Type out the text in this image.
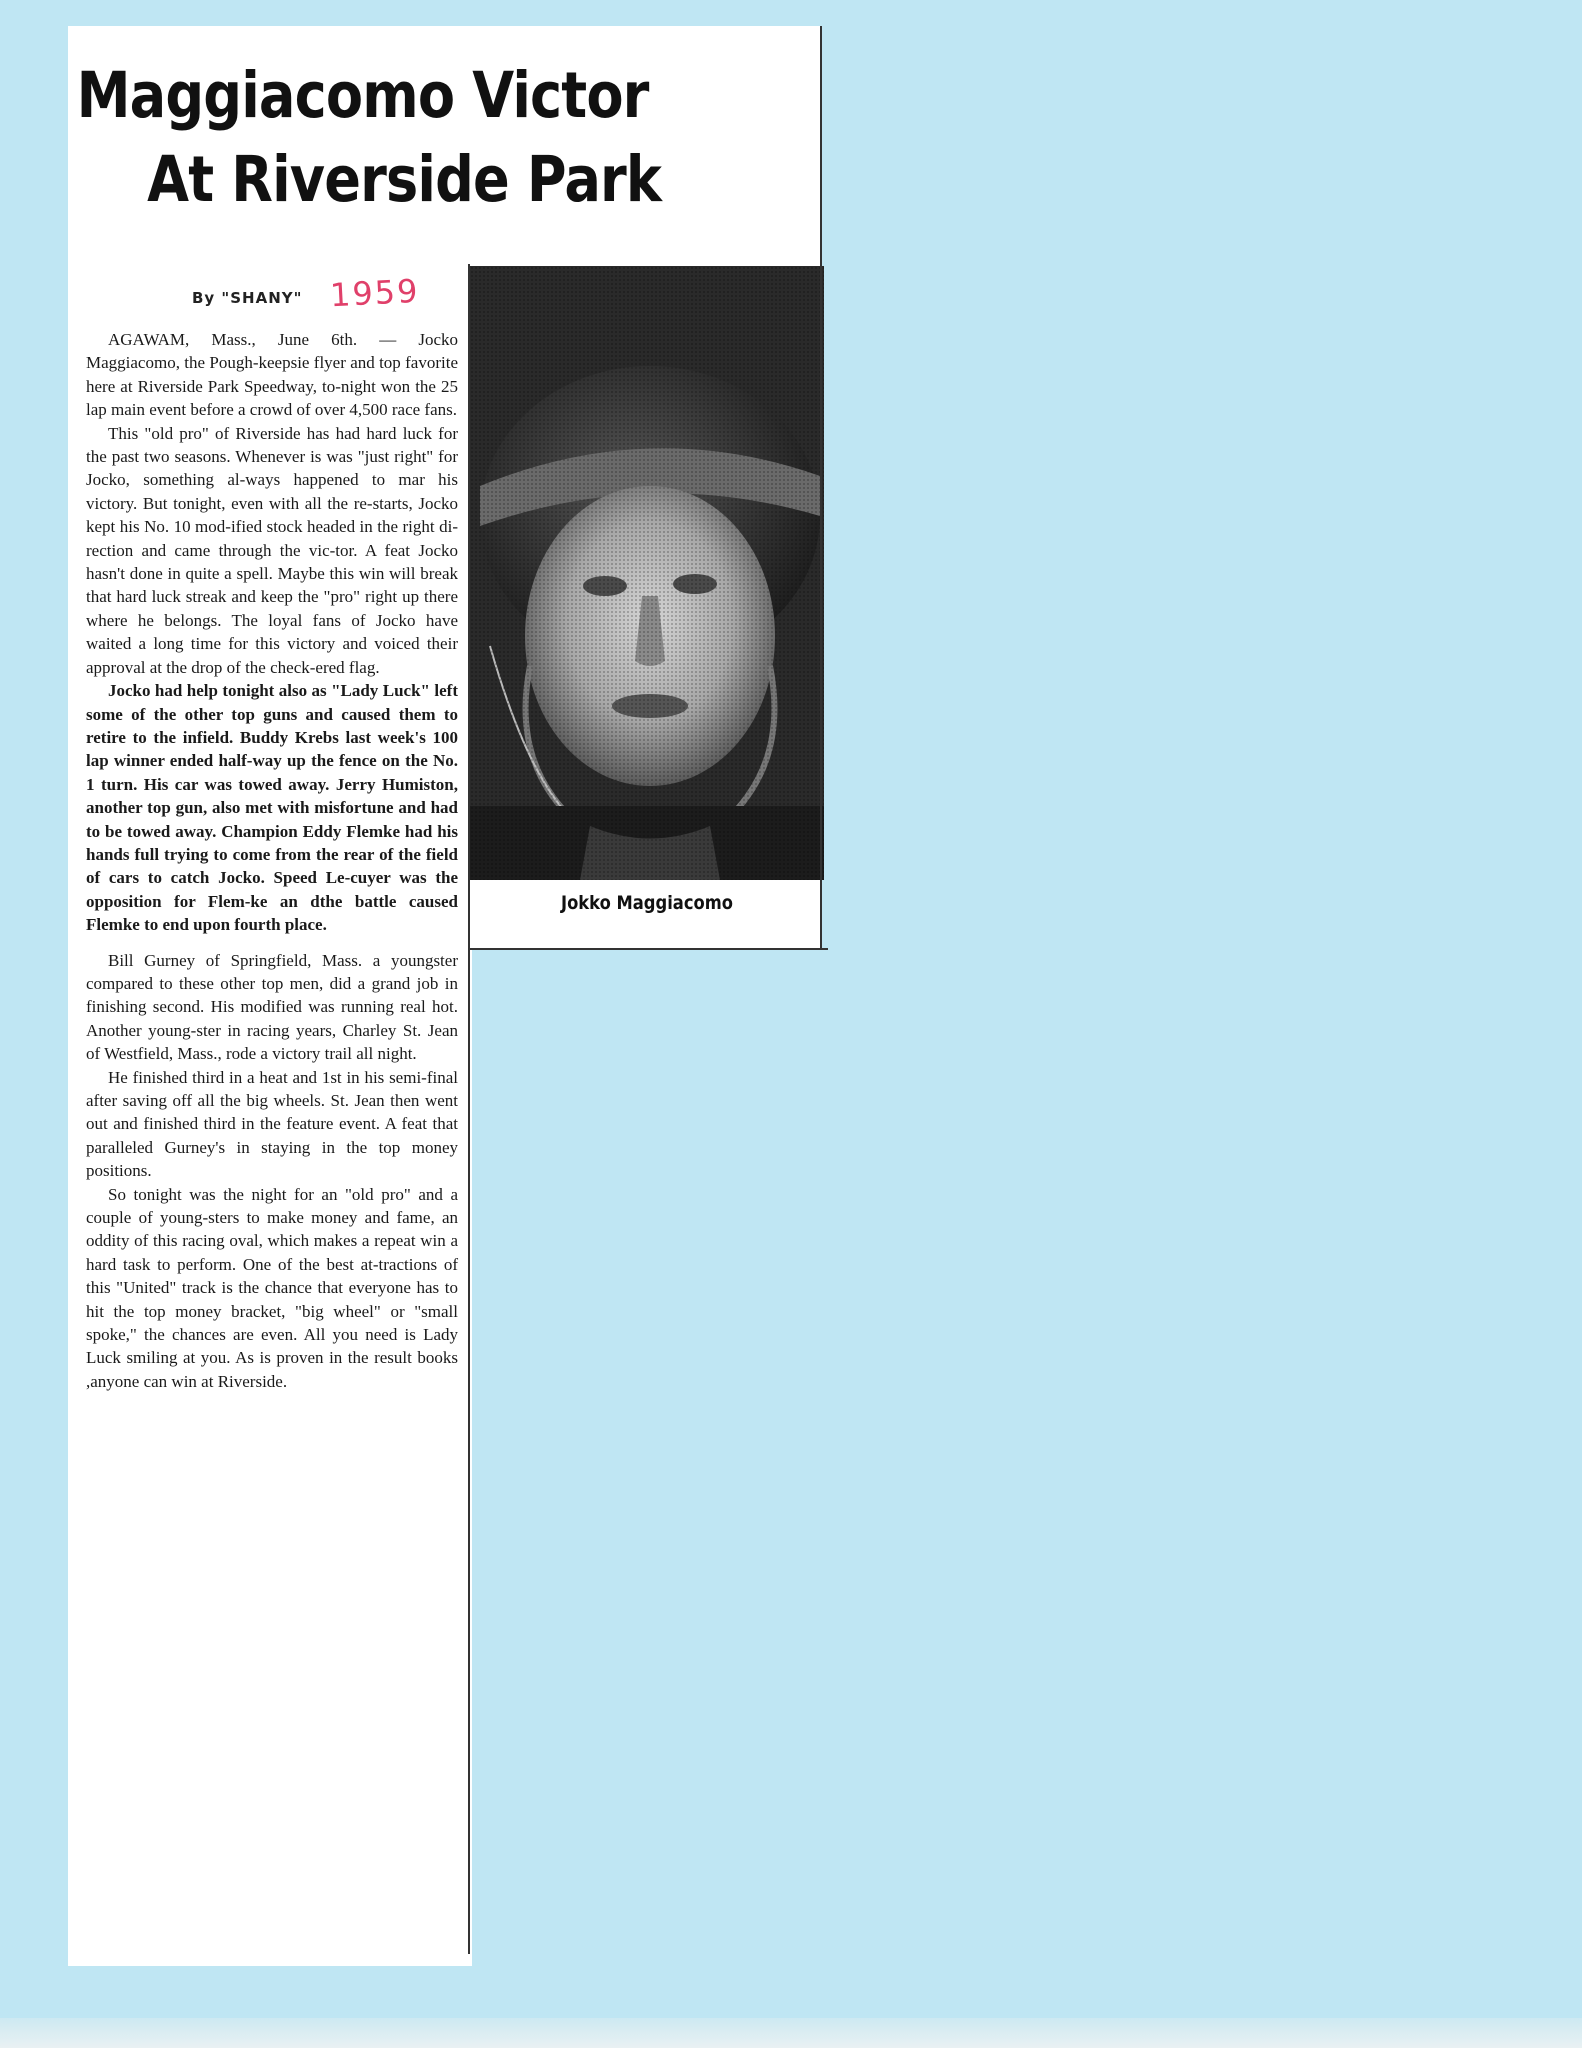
Maggiacomo Victor
At Riverside Park
By "SHANY" 1959

AGAWAM, Mass., June 6th. — Jocko Maggiacomo, the Pough-keepsie flyer and top favorite here at Riverside Park Speedway, to-night won the 25 lap main event before a crowd of over 4,500 race fans.

This "old pro" of Riverside has had hard luck for the past two seasons. Whenever is was "just right" for Jocko, something al-ways happened to mar his victory. But tonight, even with all the re-starts, Jocko kept his No. 10 mod-ified stock headed in the right di-rection and came through the vic-tor. A feat Jocko hasn't done in quite a spell. Maybe this win will break that hard luck streak and keep the "pro" right up there where he belongs. The loyal fans of Jocko have waited a long time for this victory and voiced their approval at the drop of the check-ered flag.

Jocko had help tonight also as "Lady Luck" left some of the other top guns and caused them to retire to the infield. Buddy Krebs last week's 100 lap winner ended half-way up the fence on the No. 1 turn. His car was towed away. Jerry Humiston, another top gun, also met with misfortune and had to be towed away. Champion Eddy Flemke had his hands full trying to come from the rear of the field of cars to catch Jocko. Speed Le-cuyer was the opposition for Flem-ke an dthe battle caused Flemke to end upon fourth place.

Bill Gurney of Springfield, Mass. a youngster compared to these other top men, did a grand job in finishing second. His modified was running real hot. Another young-ster in racing years, Charley St. Jean of Westfield, Mass., rode a victory trail all night.

He finished third in a heat and 1st in his semi-final after saving off all the big wheels. St. Jean then went out and finished third in the feature event. A feat that paralleled Gurney's in staying in the top money positions.

So tonight was the night for an "old pro" and a couple of young-sters to make money and fame, an oddity of this racing oval, which makes a repeat win a hard task to perform. One of the best at-tractions of this "United" track is the chance that everyone has to hit the top money bracket, "big wheel" or "small spoke," the chances are even. All you need is Lady Luck smiling at you. As is proven in the result books ,anyone can win at Riverside.

Jokko Maggiacomo
